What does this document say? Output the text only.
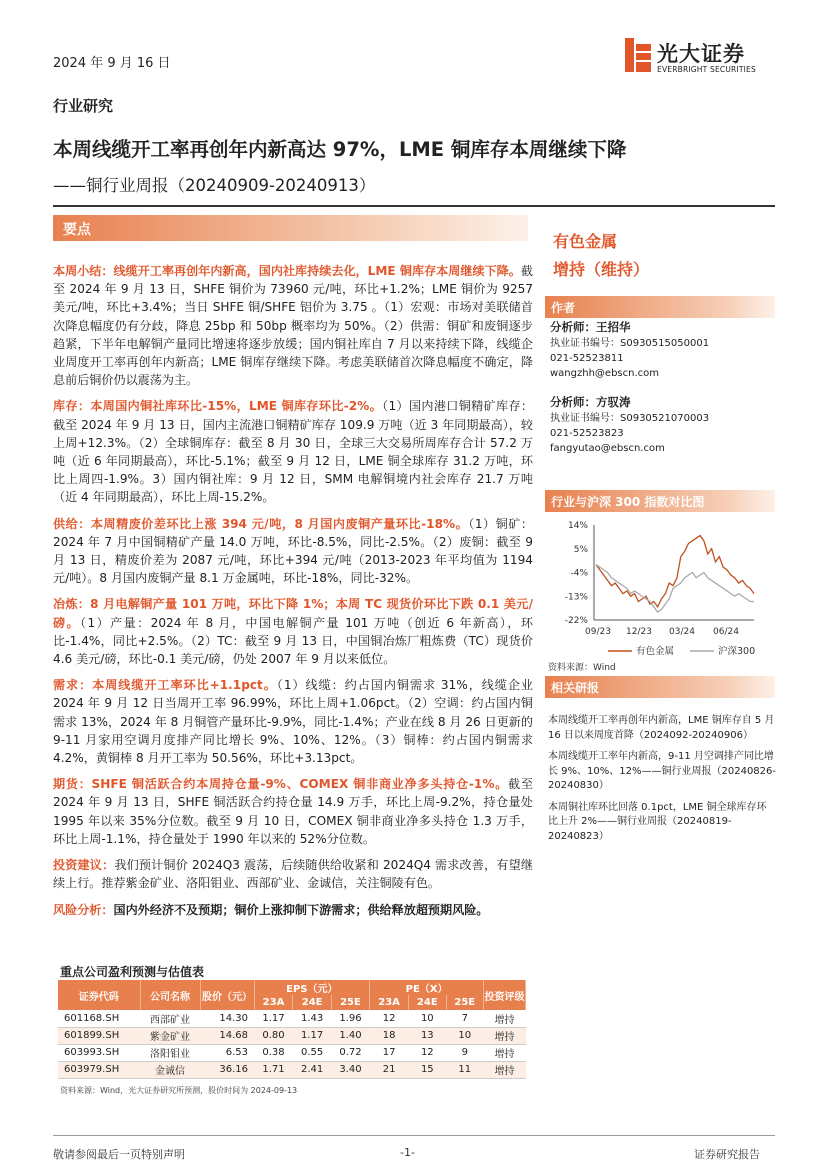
2024 年 9 月 16 日	光大证券
EVERBRIGHT SECURITIES
行业研究
本周线缆开工率再创年内新高达 97%，LME 铜库存本周继续下降
——铜行业周报（20240909-20240913）
要点

本周小结：线缆开工率再创年内新高，国内社库持续去化，LME 铜库存本周继续下降。截至 2024 年 9 月 13 日，SHFE 铜价为 73960 元/吨，环比+1.2%；LME 铜价为 9257 美元/吨，环比+3.4%；当日 SHFE 铜/SHFE 铝价为 3.75 。（1）宏观：市场对美联储首次降息幅度仍有分歧，降息 25bp 和 50bp 概率均为 50%。（2）供需：铜矿和废铜逐步趋紧，下半年电解铜产量同比增速将逐步放缓；国内铜社库自 7 月以来持续下降，线缆企业周度开工率再创年内新高；LME 铜库存继续下降。考虑美联储首次降息幅度不确定，降息前后铜价仍以震荡为主。

库存：本周国内铜社库环比-15%，LME 铜库存环比-2%。（1）国内港口铜精矿库存：截至 2024 年 9 月 13 日，国内主流港口铜精矿库存 109.9 万吨（近 3 年同期最高），较上周+12.3%。（2）全球铜库存：截至 8 月 30 日，全球三大交易所周库存合计 57.2 万吨（近 6 年同期最高），环比-5.1%；截至 9 月 12 日，LME 铜全球库存 31.2 万吨，环比上周四-1.9%。3）国内铜社库：9 月 12 日，SMM 电解铜境内社会库存 21.7 万吨（近 4 年同期最高），环比上周-15.2%。

供给：本周精废价差环比上涨 394 元/吨，8 月国内废铜产量环比-18%。（1）铜矿：2024 年 7 月中国铜精矿产量 14.0 万吨，环比-8.5%，同比-2.5%。（2）废铜：截至 9 月 13 日，精废价差为 2087 元/吨，环比+394 元/吨（2013-2023 年平均值为 1194 元/吨）。8 月国内废铜产量 8.1 万金属吨，环比-18%，同比-32%。

冶炼：8 月电解铜产量 101 万吨，环比下降 1%；本周 TC 现货价环比下跌 0.1 美元/磅。（1）产量：2024 年 8 月，中国电解铜产量 101 万吨（创近 6 年新高），环比-1.4%，同比+2.5%。（2）TC：截至 9 月 13 日，中国铜冶炼厂粗炼费（TC）现货价 4.6 美元/磅，环比-0.1 美元/磅，仍处 2007 年 9 月以来低位。

需求：本周线缆开工率环比+1.1pct。（1）线缆：约占国内铜需求 31%，线缆企业 2024 年 9 月 12 日当周开工率 96.99%，环比上周+1.06pct。（2）空调：约占国内铜需求 13%，2024 年 8 月铜管产量环比-9.9%，同比-1.4%；产业在线 8 月 26 日更新的 9-11 月家用空调月度排产同比增长 9%、10%、12%。（3）铜棒：约占国内铜需求 4.2%，黄铜棒 8 月开工率为 50.56%，环比+3.13pct。

期货：SHFE 铜活跃合约本周持仓量-9%、COMEX 铜非商业净多头持仓-1%。截至 2024 年 9 月 13 日，SHFE 铜活跃合约持仓量 14.9 万手，环比上周-9.2%，持仓量处 1995 年以来 35%分位数。截至 9 月 10 日，COMEX 铜非商业净多头持仓 1.3 万手，环比上周-1.1%，持仓量处于 1990 年以来的 52%分位数。

投资建议：我们预计铜价 2024Q3 震荡，后续随供给收紧和 2024Q4 需求改善，有望继续上行。推荐紫金矿业、洛阳钼业、西部矿业、金诚信，关注铜陵有色。

风险分析：国内外经济不及预期；铜价上涨抑制下游需求；供给释放超预期风险。

有色金属
增持（维持）
作者
分析师：王招华
执业证书编号：S0930515050001
021-52523811
wangzhh@ebscn.com
分析师：方驭涛
执业证书编号：S0930521070003
021-52523823
fangyutao@ebscn.com
行业与沪深 300 指数对比图
14%
5%
-4%
-13%
-22%
09/23 12/23 03/24 06/24
有色金属	沪深300
资料来源：Wind
相关研报

本周线缆开工率再创年内新高，LME 铜库存自 5 月 16 日以来周度首降（2024092-20240906）

本周线缆开工率年内新高，9-11 月空调排产同比增长 9%、10%、12%——铜行业周报（20240826-20240830）

本周铜社库环比回落 0.1pct，LME 铜全球库存环比上升 2%——铜行业周报（20240819-20240823）

重点公司盈利预测与估值表
证券代码	公司名称	股价（元）	EPS（元）			PE（X）			投资评级
			23A	24E	25E	23A	24E	25E	
601168.SH	西部矿业	14.30	1.17	1.43	1.96	12	10	7	增持
601899.SH	紫金矿业	14.68	0.80	1.17	1.40	18	13	10	增持
603993.SH	洛阳钼业	6.53	0.38	0.55	0.72	17	12	9	增持
603979.SH	金诚信	36.16	1.71	2.41	3.40	21	15	11	增持
资料来源：Wind，光大证券研究所预测，股价时间为 2024-09-13
敬请参阅最后一页特别声明	-1-	证券研究报告
